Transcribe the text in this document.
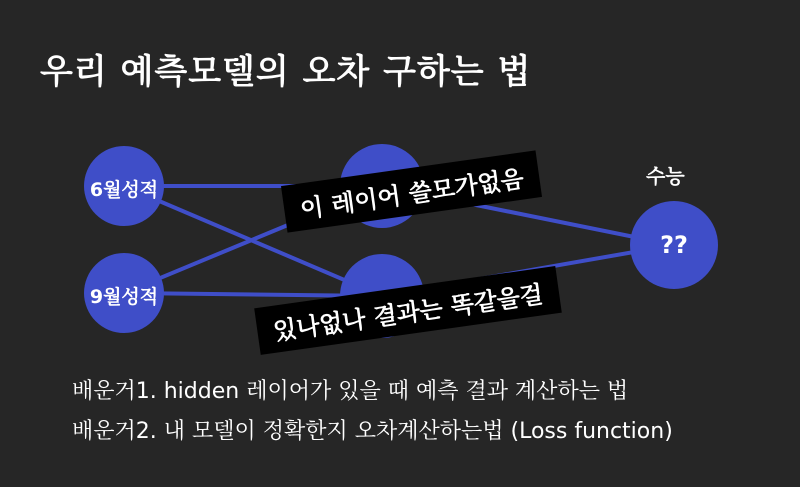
우리 예측모델의 오차 구하는 법
6월성적
9월성적
??
수능
이 레이어 쓸모가없음
있나없나 결과는 똑같을걸
배운거1. hidden 레이어가 있을 때 예측 결과 계산하는 법
배운거2. 내 모델이 정확한지 오차계산하는법 (Loss function)
